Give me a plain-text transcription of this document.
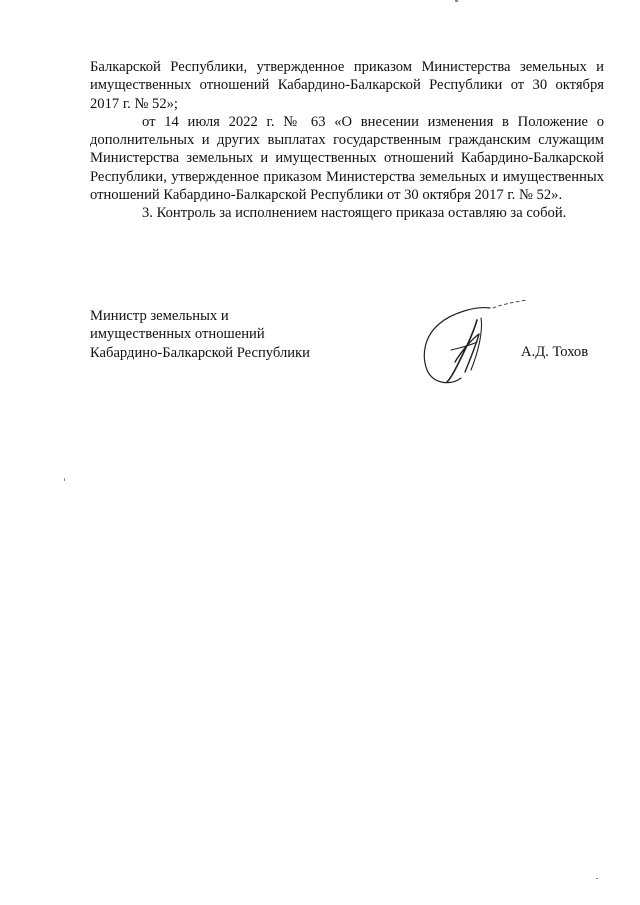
Балкарской Республики, утвержденное приказом Министерства земельных и имущественных отношений Кабардино-Балкарской Республики от 30 октября 2017 г. № 52»;

от 14 июля 2022 г. № 63 «О внесении изменения в Положение о дополнительных и других выплатах государственным гражданским служащим Министерства земельных и имущественных отношений Кабардино-Балкарской Республики, утвержденное приказом Министерства земельных и имущественных отношений Кабардино-Балкарской Республики от 30 октября 2017 г. № 52».

3. Контроль за исполнением настоящего приказа оставляю за собой.

Министр земельных и
имущественных отношений
Кабардино-Балкарской Республики	А.Д. Тохов
